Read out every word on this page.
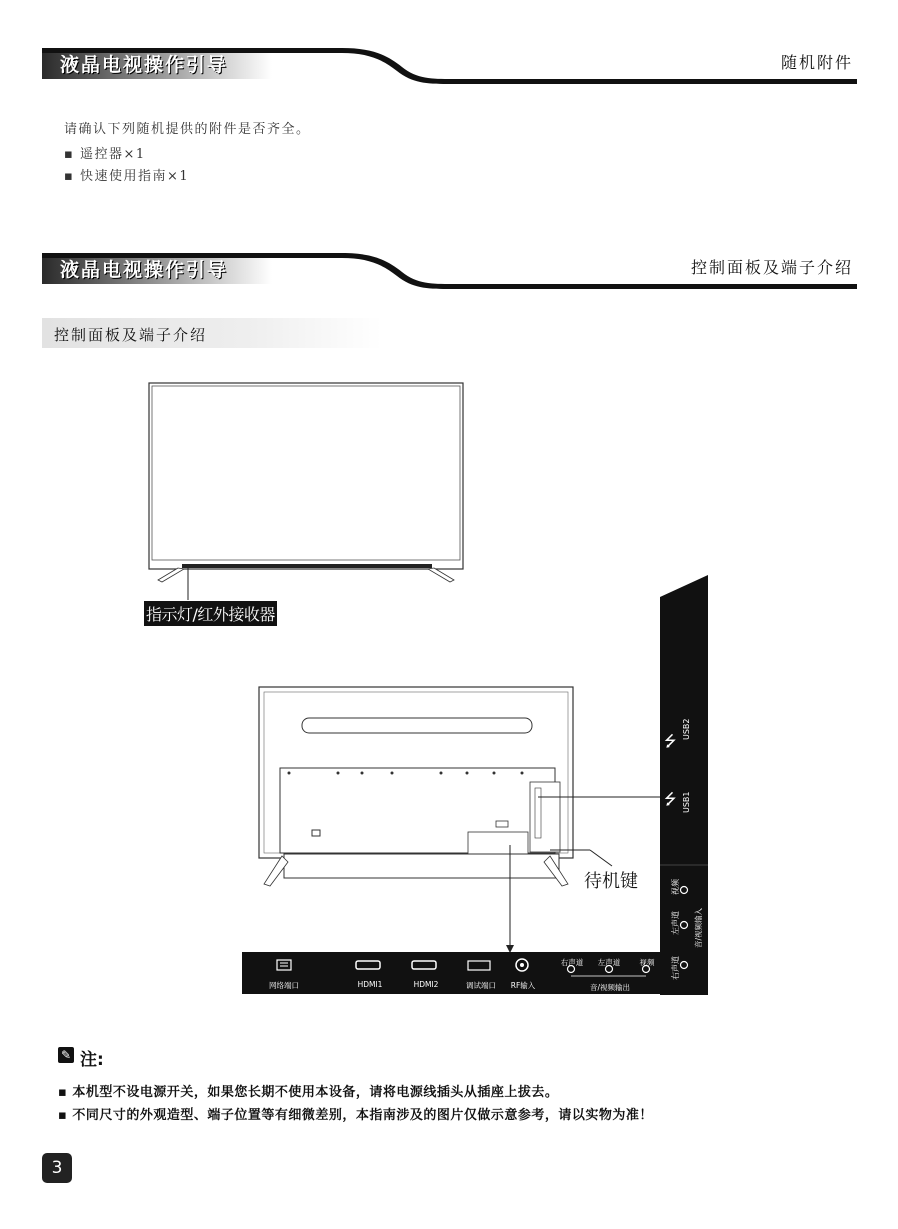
液晶电视操作引导	随机附件
请确认下列随机提供的附件是否齐全。
▪ 遥控器×1
▪ 快速使用指南×1
液晶电视操作引导	控制面板及端子介绍
控制面板及端子介绍
指示灯/红外接收器
待机键
⭍
⭍
USB2
USB1
视频
左声道
右声道
音/视频输入
网络端口	HDMI1	HDMI2	调试端口	RF输入
右声道	左声道	视频
音/视频输出
✎ 注:
▪ 本机型不设电源开关，如果您长期不使用本设备，请将电源线插头从插座上拔去。
▪ 不同尺寸的外观造型、端子位置等有细微差别，本指南涉及的图片仅做示意参考，请以实物为准！
3
